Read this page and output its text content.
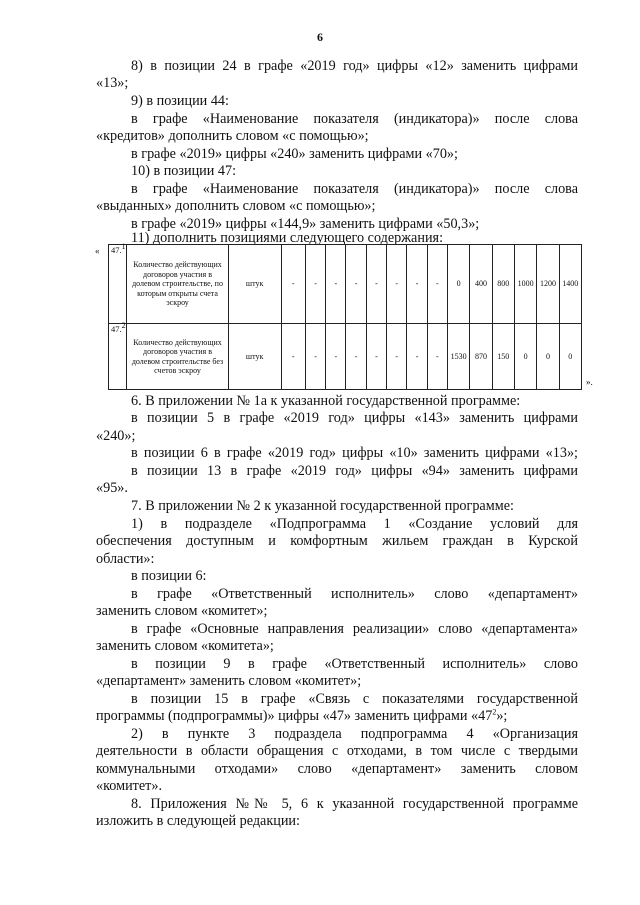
6
8) в позиции 24 в графе «2019 год» цифры «12» заменить цифрами
«13»;
9) в позиции 44:
в графе «Наименование показателя (индикатора)» после слова
«кредитов» дополнить словом «с помощью»;
в графе «2019» цифры «240» заменить цифрами «70»;
10) в позиции 47:
в графе «Наименование показателя (индикатора)» после слова
«выданных» дополнить словом «с помощью»;
в графе «2019» цифры «144,9» заменить цифрами «50,3»;
11) дополнить позициями следующего содержания:
« 47.$^1$	Количество действующих договоров участия в долевом строительстве, по которым открыты счета эскроу	штук	-	-	-	-	-	-	-	-	0	400	800	1000	1200	1400
47.$^2$	Количество действующих договоров участия в долевом строительстве без счетов эскроу	штук	-	-	-	-	-	-	-	-	1530	870	150	0	0	0
».
6. В приложении № 1а к указанной государственной программе:
в позиции 5 в графе «2019 год» цифры «143» заменить цифрами
«240»;
в позиции 6 в графе «2019 год» цифры «10» заменить цифрами «13»;
в позиции 13 в графе «2019 год» цифры «94» заменить цифрами
«95».
7. В приложении № 2 к указанной государственной программе:
1) в подразделе «Подпрограмма 1 «Создание условий для
обеспечения доступным и комфортным жильем граждан в Курской
области»:
в позиции 6:
в графе «Ответственный исполнитель» слово «департамент»
заменить словом «комитет»;
в графе «Основные направления реализации» слово «департамента»
заменить словом «комитета»;
в позиции 9 в графе «Ответственный исполнитель» слово
«департамент» заменить словом «комитет»;
в позиции 15 в графе «Связь с показателями государственной
программы (подпрограммы)» цифры «47» заменить цифрами «$47^2$»;
2) в пункте 3 подраздела подпрограмма 4 «Организация
деятельности в области обращения с отходами, в том числе с твердыми
коммунальными отходами» слово «департамент» заменить словом
«комитет».
8. Приложения №№ 5, 6 к указанной государственной программе
изложить в следующей редакции:
